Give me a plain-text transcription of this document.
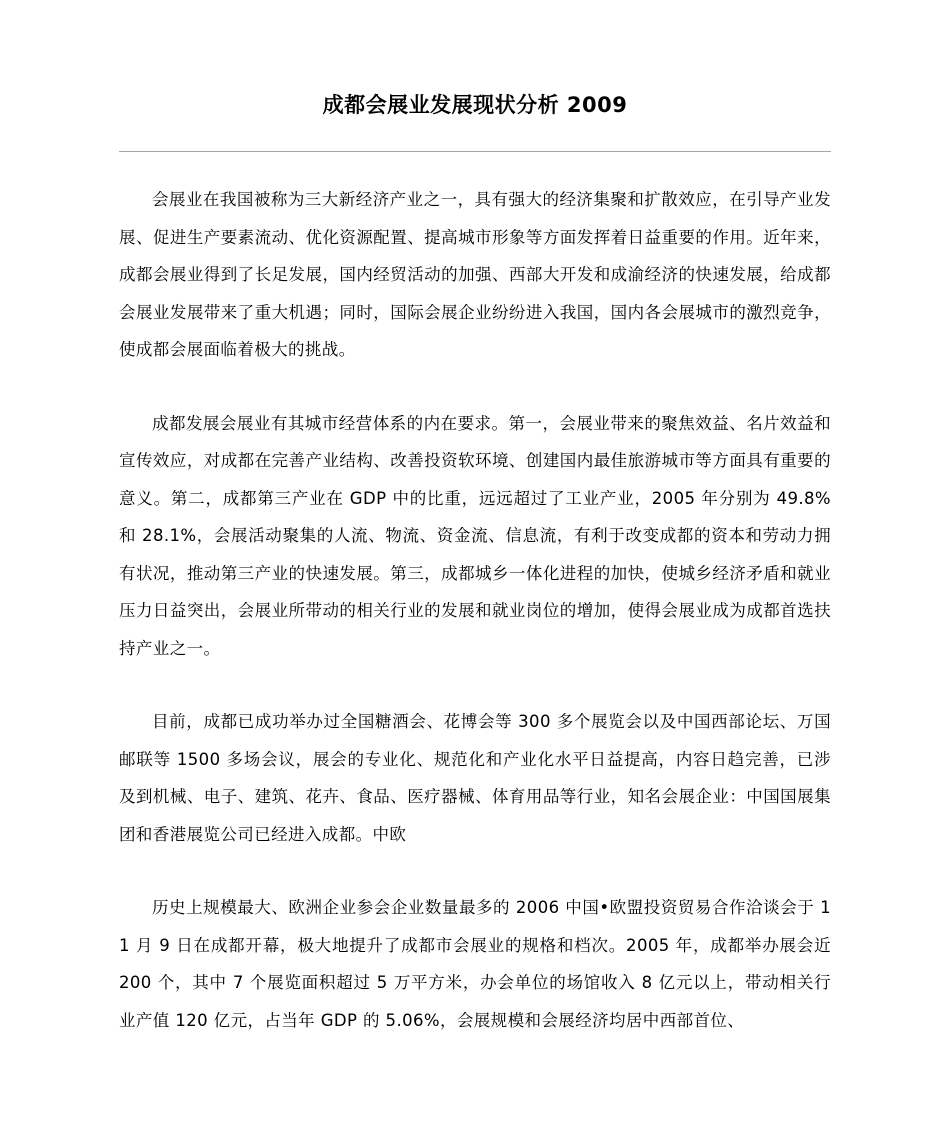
成都会展业发展现状分析 2009

会展业在我国被称为三大新经济产业之一，具有强大的经济集聚和扩散效应，在引导产业发展、促进生产要素流动、优化资源配置、提高城市形象等方面发挥着日益重要的作用。近年来，成都会展业得到了长足发展，国内经贸活动的加强、西部大开发和成渝经济的快速发展，给成都会展业发展带来了重大机遇；同时，国际会展企业纷纷进入我国，国内各会展城市的激烈竞争，使成都会展面临着极大的挑战。

成都发展会展业有其城市经营体系的内在要求。第一，会展业带来的聚焦效益、名片效益和宣传效应，对成都在完善产业结构、改善投资软环境、创建国内最佳旅游城市等方面具有重要的意义。第二，成都第三产业在 GDP 中的比重，远远超过了工业产业，2005 年分别为 49.8%和 28.1%，会展活动聚集的人流、物流、资金流、信息流，有利于改变成都的资本和劳动力拥有状况，推动第三产业的快速发展。第三，成都城乡一体化进程的加快，使城乡经济矛盾和就业压力日益突出，会展业所带动的相关行业的发展和就业岗位的增加，使得会展业成为成都首选扶持产业之一。

目前，成都已成功举办过全国糖酒会、花博会等 300 多个展览会以及中国西部论坛、万国邮联等 1500 多场会议，展会的专业化、规范化和产业化水平日益提高，内容日趋完善，已涉及到机械、电子、建筑、花卉、食品、医疗器械、体育用品等行业，知名会展企业：中国国展集团和香港展览公司已经进入成都。中欧

历史上规模最大、欧洲企业参会企业数量最多的 2006 中国•欧盟投资贸易合作洽谈会于 11 月 9 日在成都开幕，极大地提升了成都市会展业的规格和档次。2005 年，成都举办展会近 200 个，其中 7 个展览面积超过 5 万平方米，办会单位的场馆收入 8 亿元以上，带动相关行业产值 120 亿元，占当年 GDP 的 5.06%，会展规模和会展经济均居中西部首位、
